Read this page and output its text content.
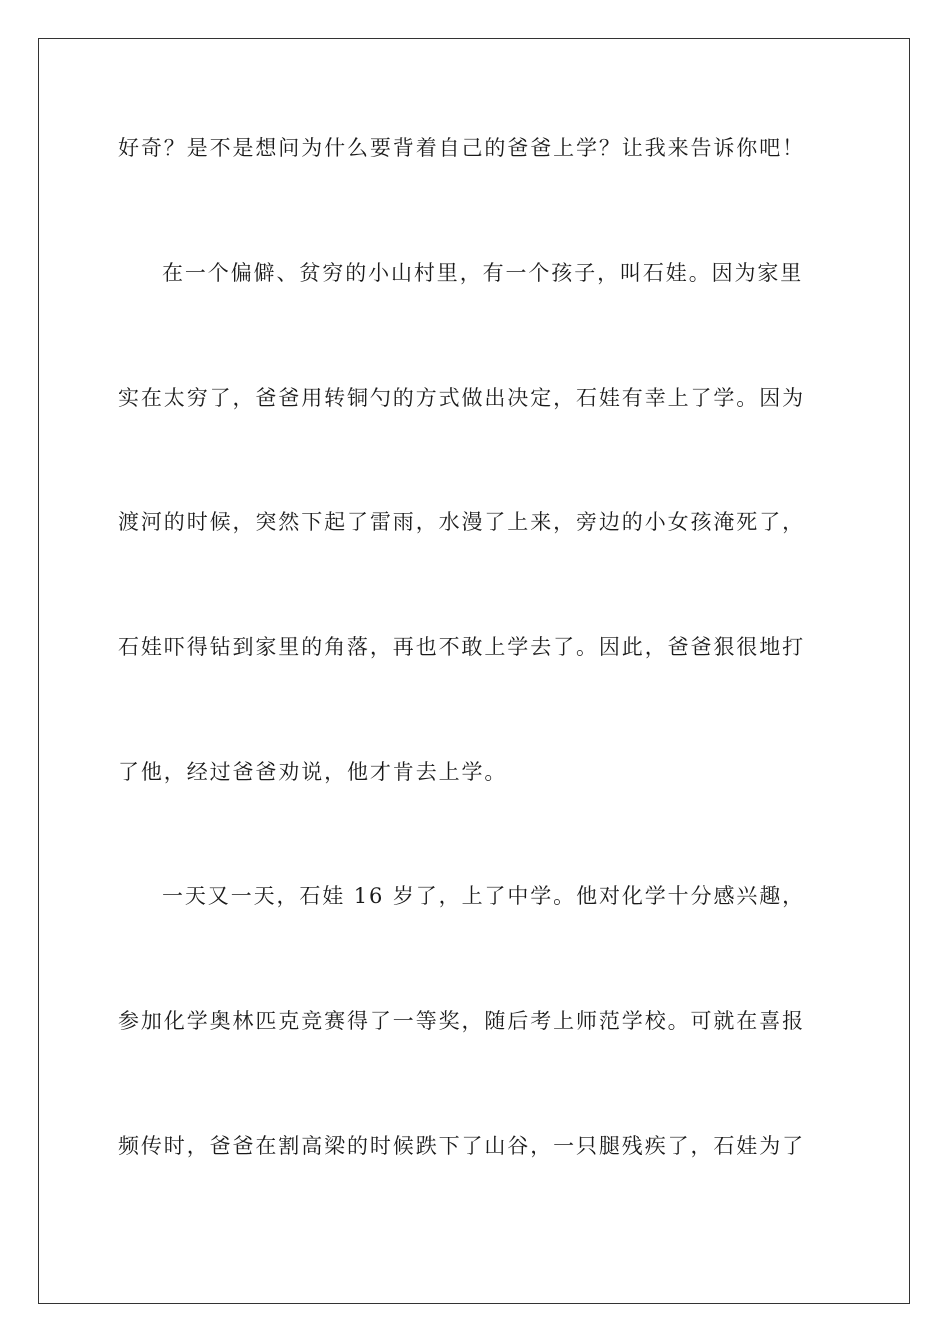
好奇？是不是想问为什么要背着自己的爸爸上学？让我来告诉你吧！
在一个偏僻、贫穷的小山村里，有一个孩子，叫石娃。因为家里
实在太穷了，爸爸用转铜勺的方式做出决定，石娃有幸上了学。因为
渡河的时候，突然下起了雷雨，水漫了上来，旁边的小女孩淹死了，
石娃吓得钻到家里的角落，再也不敢上学去了。因此，爸爸狠很地打
了他，经过爸爸劝说，他才肯去上学。
一天又一天，石娃 16 岁了，上了中学。他对化学十分感兴趣，
参加化学奥林匹克竞赛得了一等奖，随后考上师范学校。可就在喜报
频传时，爸爸在割高梁的时候跌下了山谷，一只腿残疾了，石娃为了
